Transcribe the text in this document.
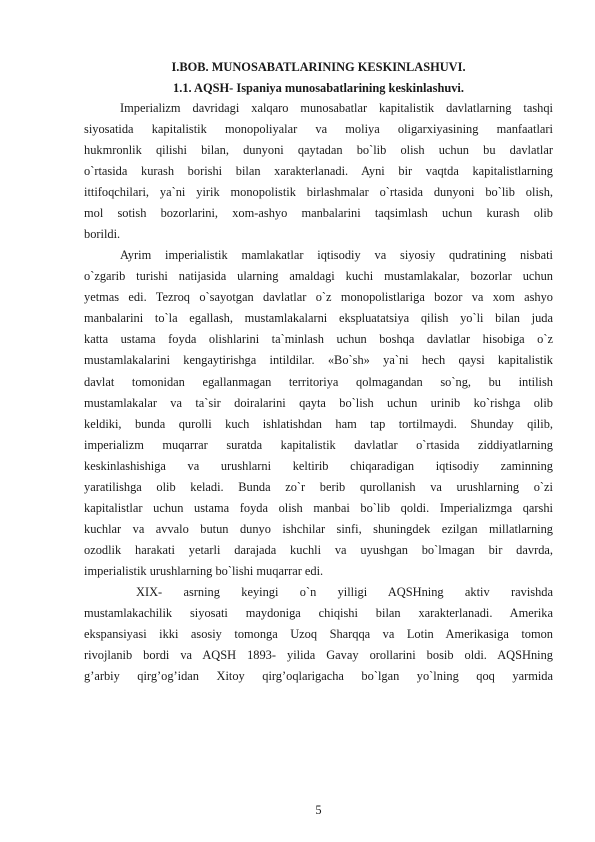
I.BOB. MUNOSABATLARINING KESKINLASHUVI.
1.1. AQSH- Ispaniya munosabatlarining keskinlashuvi.
Imperializm davridagi xalqaro munosabatlar kapitalistik davlatlarning tashqi
siyosatida kapitalistik monopoliyalar va moliya oligarxiyasining manfaatlari
hukmronlik qilishi bilan, dunyoni qaytadan bo`lib olish uchun bu davlatlar
o`rtasida kurash borishi bilan xarakterlanadi. Ayni bir vaqtda kapitalistlarning
ittifoqchilari, ya`ni yirik monopolistik birlashmalar o`rtasida dunyoni bo`lib olish,
mol sotish bozorlarini, xom-ashyo manbalarini taqsimlash uchun kurash olib
borildi.
Ayrim imperialistik mamlakatlar iqtisodiy va siyosiy qudratining nisbati
o`zgarib turishi natijasida ularning amaldagi kuchi mustamlakalar, bozorlar uchun
yetmas edi. Tezroq o`sayotgan davlatlar o`z monopolistlariga bozor va xom ashyo
manbalarini to`la egallash, mustamlakalarni ekspluatatsiya qilish yo`li bilan juda
katta ustama foyda olishlarini ta`minlash uchun boshqa davlatlar hisobiga o`z
mustamlakalarini kengaytirishga intildilar. «Bo`sh» ya`ni hech qaysi kapitalistik
davlat tomonidan egallanmagan territoriya qolmagandan so`ng, bu intilish
mustamlakalar va ta`sir doiralarini qayta bo`lish uchun urinib ko`rishga olib
keldiki, bunda qurolli kuch ishlatishdan ham tap tortilmaydi. Shunday qilib,
imperializm muqarrar suratda kapitalistik davlatlar o`rtasida ziddiyatlarning
keskinlashishiga va urushlarni keltirib chiqaradigan iqtisodiy zaminning
yaratilishga olib keladi. Bunda zo`r berib qurollanish va urushlarning o`zi
kapitalistlar uchun ustama foyda olish manbai bo`lib qoldi. Imperializmga qarshi
kuchlar va avvalo butun dunyo ishchilar sinfi, shuningdek ezilgan millatlarning
ozodlik harakati yetarli darajada kuchli va uyushgan bo`lmagan bir davrda,
imperialistik urushlarning bo`lishi muqarrar edi.
XIX- asrning keyingi o`n yilligi AQSHning aktiv ravishda
mustamlakachilik siyosati maydoniga chiqishi bilan xarakterlanadi. Amerika
ekspansiyasi ikki asosiy tomonga Uzoq Sharqqa va Lotin Amerikasiga tomon
rivojlanib bordi va AQSH 1893- yilida Gavay orollarini bosib oldi. AQSHning
g’arbiy qirg’og’idan Xitoy qirg’oqlarigacha bo`lgan yo`lning qoq yarmida
5
